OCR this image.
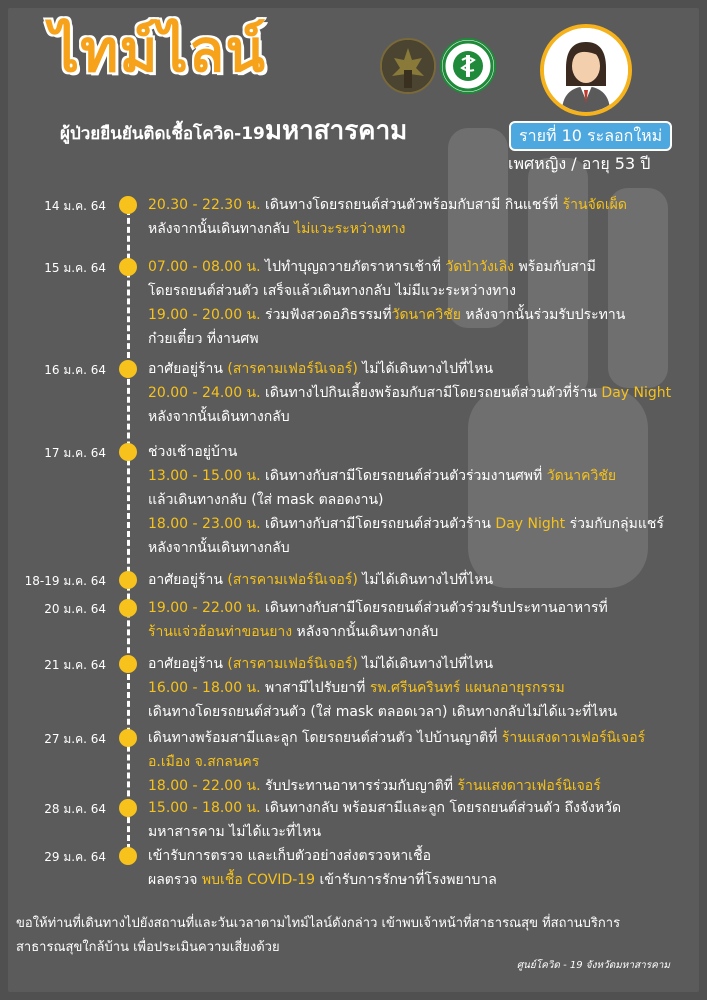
ไทม์ไลน์
ผู้ป่วยยืนยันติดเชื้อโควิด-19มหาสารคาม	รายที่ 10 ระลอกใหม่
เพศหญิง / อายุ 53 ปี
14 ม.ค. 64	20.30 - 22.30 น. เดินทางโดยรถยนต์ส่วนตัวพร้อมกับสามี กินแชร์ที่ ร้านจัดเผ็ด
หลังจากนั้นเดินทางกลับ ไม่แวะระหว่างทาง
15 ม.ค. 64	07.00 - 08.00 น. ไปทำบุญถวายภัตราหารเช้าที่ วัดป่าวังเลิง พร้อมกับสามี
โดยรถยนต์ส่วนตัว เสร็จแล้วเดินทางกลับ ไม่มีแวะระหว่างทาง
19.00 - 20.00 น. ร่วมฟังสวดอภิธรรมที่วัดนาควิชัย หลังจากนั้นร่วมรับประทาน
ก๋วยเตี๋ยว ที่งานศพ
16 ม.ค. 64	อาศัยอยู่ร้าน (สารคามเฟอร์นิเจอร์) ไม่ได้เดินทางไปที่ไหน
20.00 - 24.00 น. เดินทางไปกินเลี้ยงพร้อมกับสามีโดยรถยนต์ส่วนตัวที่ร้าน Day Night
หลังจากนั้นเดินทางกลับ
17 ม.ค. 64	ช่วงเช้าอยู่บ้าน
13.00 - 15.00 น. เดินทางกับสามีโดยรถยนต์ส่วนตัวร่วมงานศพที่ วัดนาควิชัย
แล้วเดินทางกลับ (ใส่ mask ตลอดงาน)
18.00 - 23.00 น. เดินทางกับสามีโดยรถยนต์ส่วนตัวร้าน Day Night ร่วมกับกลุ่มแชร์
หลังจากนั้นเดินทางกลับ
18-19 ม.ค. 64	อาศัยอยู่ร้าน (สารคามเฟอร์นิเจอร์) ไม่ได้เดินทางไปที่ไหน
20 ม.ค. 64	19.00 - 22.00 น. เดินทางกับสามีโดยรถยนต์ส่วนตัวร่วมรับประทานอาหารที่
ร้านแจ่วฮ้อนท่าขอนยาง หลังจากนั้นเดินทางกลับ
21 ม.ค. 64	อาศัยอยู่ร้าน (สารคามเฟอร์นิเจอร์) ไม่ได้เดินทางไปที่ไหน
16.00 - 18.00 น. พาสามีไปรับยาที่ รพ.ศรีนครินทร์ แผนกอายุรกรรม
เดินทางโดยรถยนต์ส่วนตัว (ใส่ mask ตลอดเวลา) เดินทางกลับไม่ได้แวะที่ไหน
27 ม.ค. 64	เดินทางพร้อมสามีและลูก โดยรถยนต์ส่วนตัว ไปบ้านญาติที่ ร้านแสงดาวเฟอร์นิเจอร์
อ.เมือง จ.สกลนคร
18.00 - 22.00 น. รับประทานอาหารร่วมกับญาติที่ ร้านแสงดาวเฟอร์นิเจอร์
28 ม.ค. 64	15.00 - 18.00 น. เดินทางกลับ พร้อมสามีและลูก โดยรถยนต์ส่วนตัว ถึงจังหวัด
มหาสารคาม ไม่ได้แวะที่ไหน
29 ม.ค. 64	เข้ารับการตรวจ และเก็บตัวอย่างส่งตรวจหาเชื้อ
ผลตรวจ พบเชื้อ COVID-19 เข้ารับการรักษาที่โรงพยาบาล
ขอให้ท่านที่เดินทางไปยังสถานที่และวันเวลาตามไทม์ไลน์ดังกล่าว เข้าพบเจ้าหน้าที่สาธารณสุข ที่สถานบริการสาธารณสุขใกล้บ้าน เพื่อประเมินความเสี่ยงด้วย
ศูนย์โควิด - 19 จังหวัดมหาสารคาม
